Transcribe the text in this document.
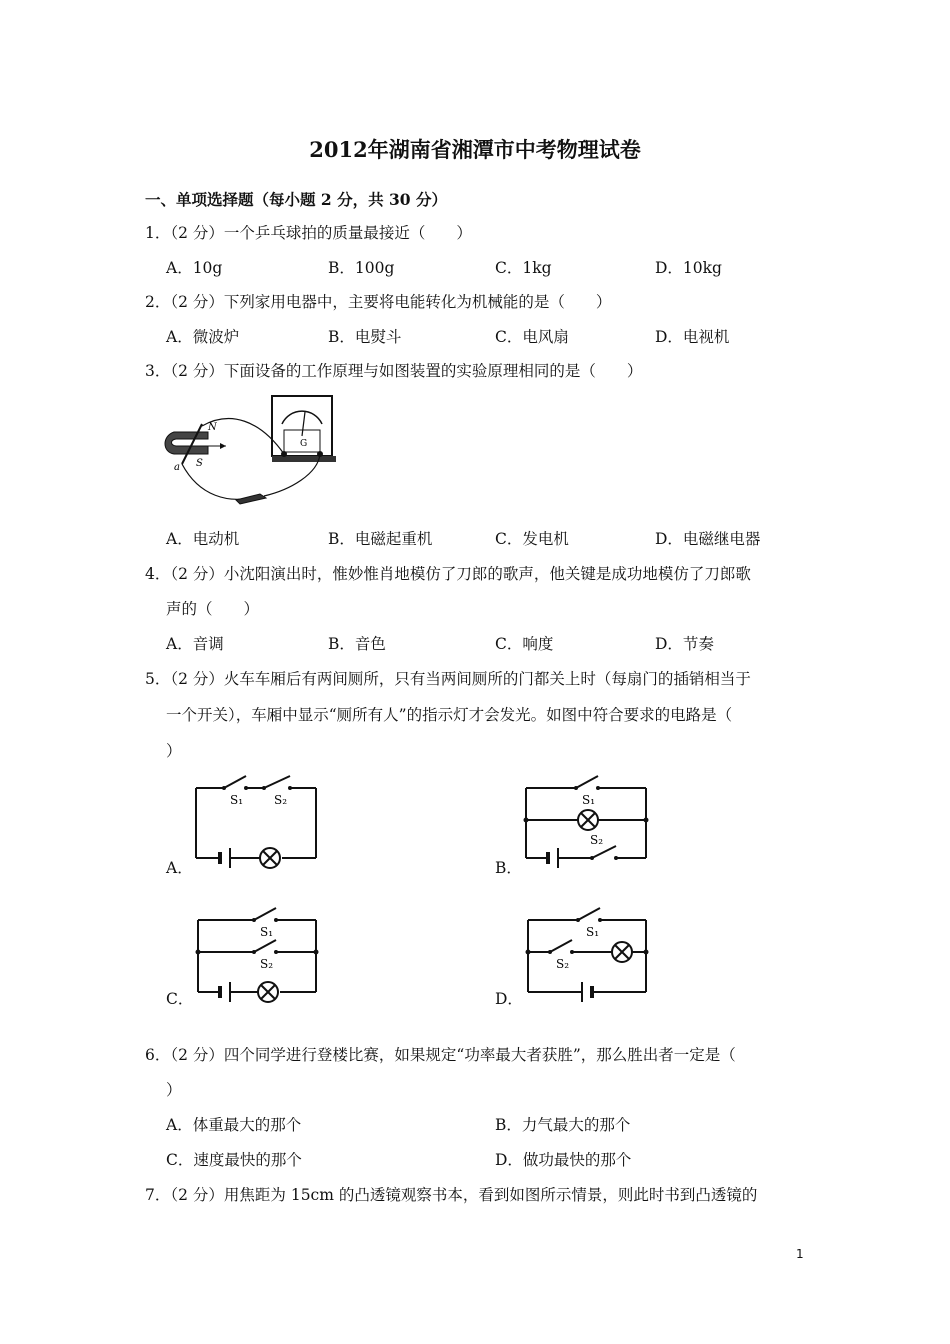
2012年湖南省湘潭市中考物理试卷
一、单项选择题（每小题 2 分，共 30 分）
1．（2 分）一个乒乓球拍的质量最接近（　　）
A．10g	B．100g	C．1kg	D．10kg
2．（2 分）下列家用电器中，主要将电能转化为机械能的是（　　）
A．微波炉	B．电熨斗	C．电风扇	D．电视机
3．（2 分）下面设备的工作原理与如图装置的实验原理相同的是（　　）
G
N
S
a
A．电动机	B．电磁起重机	C．发电机	D．电磁继电器
4．（2 分）小沈阳演出时，惟妙惟肖地模仿了刀郎的歌声，他关键是成功地模仿了刀郎歌
声的（　　）
A．音调	B．音色	C．响度	D．节奏
5．（2 分）火车车厢后有两间厕所，只有当两间厕所的门都关上时（每扇门的插销相当于
一个开关），车厢中显示“厕所有人”的指示灯才会发光。如图中符合要求的电路是（
）
A．
S₁	S₂
B．
S₁
S₂
C．
S₁
S₂
D．
S₁
S₂
6．（2 分）四个同学进行登楼比赛，如果规定“功率最大者获胜”，那么胜出者一定是（
）
A．体重最大的那个	B．力气最大的那个
C．速度最快的那个	D．做功最快的那个
7．（2 分）用焦距为 15cm 的凸透镜观察书本，看到如图所示情景，则此时书到凸透镜的
1
